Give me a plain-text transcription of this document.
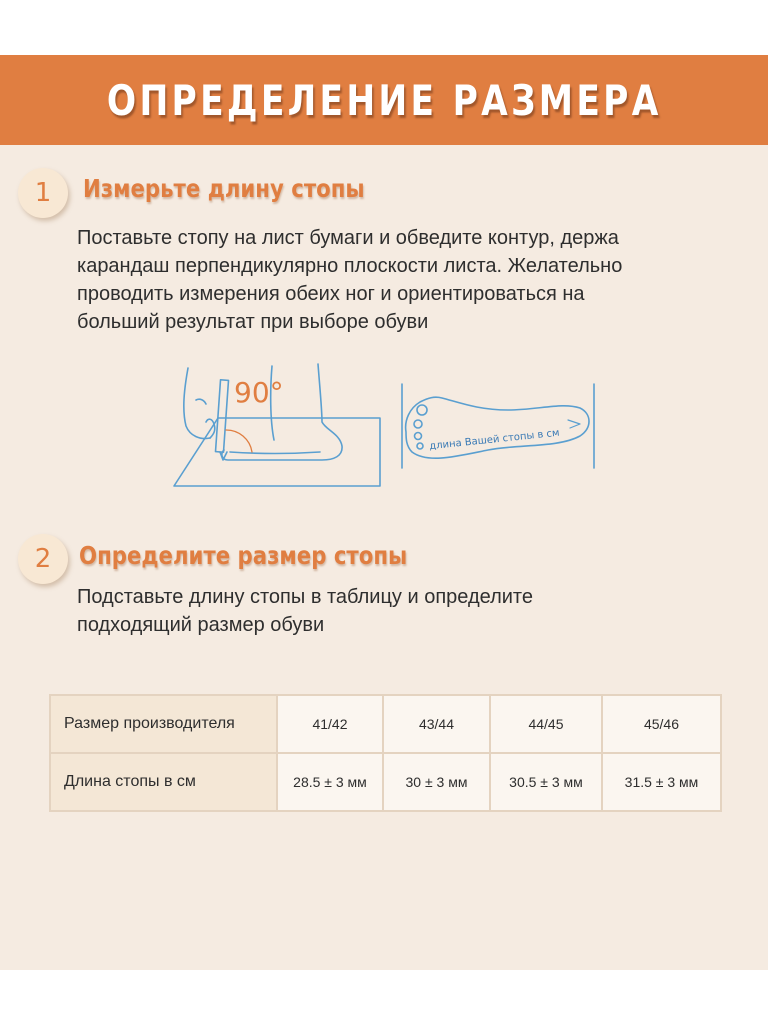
ОПРЕДЕЛЕНИЕ РАЗМЕРА
1	Измерьте длину стопы
Поставьте стопу на лист бумаги и обведите контур, держа
карандаш перпендикулярно плоскости листа. Желательно
проводить измерения обеих ног и ориентироваться на
больший результат при выборе обуви
90°
длина Вашей стопы в см
2	Определите размер стопы
Подставьте длину стопы в таблицу и определите
подходящий размер обуви
Размер производителя	41/42	43/44	44/45	45/46
Длина стопы в см	28.5 ± 3 мм	30 ± 3 мм	30.5 ± 3 мм	31.5 ± 3 мм
